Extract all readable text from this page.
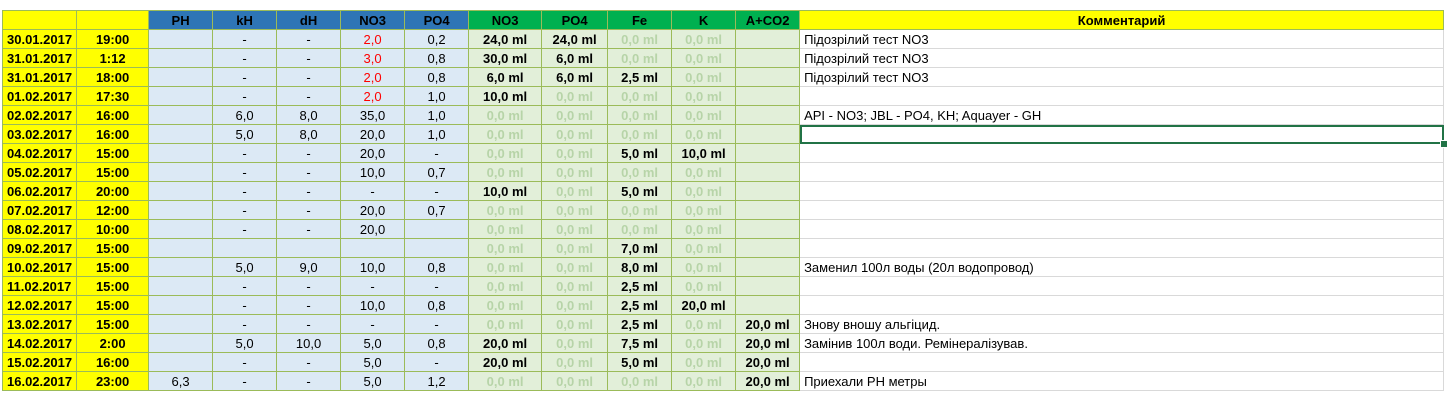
		PH	kH	dH	NO3	PO4	NO3	PO4	Fe	K	A+CO2	Комментарий
30.01.2017	19:00		-	-	2,0	0,2	24,0 ml	24,0 ml	0,0 ml	0,0 ml		Підозрілий тест NO3
31.01.2017	1:12		-	-	3,0	0,8	30,0 ml	6,0 ml	0,0 ml	0,0 ml		Підозрілий тест NO3
31.01.2017	18:00		-	-	2,0	0,8	6,0 ml	6,0 ml	2,5 ml	0,0 ml		Підозрілий тест NO3
01.02.2017	17:30		-	-	2,0	1,0	10,0 ml	0,0 ml	0,0 ml	0,0 ml		
02.02.2017	16:00		6,0	8,0	35,0	1,0	0,0 ml	0,0 ml	0,0 ml	0,0 ml		API - NO3; JBL - PO4, KH; Aquayer - GH
03.02.2017	16:00		5,0	8,0	20,0	1,0	0,0 ml	0,0 ml	0,0 ml	0,0 ml		
04.02.2017	15:00		-	-	20,0	-	0,0 ml	0,0 ml	5,0 ml	10,0 ml		
05.02.2017	15:00		-	-	10,0	0,7	0,0 ml	0,0 ml	0,0 ml	0,0 ml		
06.02.2017	20:00		-	-	-	-	10,0 ml	0,0 ml	5,0 ml	0,0 ml		
07.02.2017	12:00		-	-	20,0	0,7	0,0 ml	0,0 ml	0,0 ml	0,0 ml		
08.02.2017	10:00		-	-	20,0		0,0 ml	0,0 ml	0,0 ml	0,0 ml		
09.02.2017	15:00						0,0 ml	0,0 ml	7,0 ml	0,0 ml		
10.02.2017	15:00		5,0	9,0	10,0	0,8	0,0 ml	0,0 ml	8,0 ml	0,0 ml		Заменил 100л воды (20л водопровод)
11.02.2017	15:00		-	-	-	-	0,0 ml	0,0 ml	2,5 ml	0,0 ml		
12.02.2017	15:00		-	-	10,0	0,8	0,0 ml	0,0 ml	2,5 ml	20,0 ml		
13.02.2017	15:00		-	-	-	-	0,0 ml	0,0 ml	2,5 ml	0,0 ml	20,0 ml	Знову вношу альгіцид.
14.02.2017	2:00		5,0	10,0	5,0	0,8	20,0 ml	0,0 ml	7,5 ml	0,0 ml	20,0 ml	Замінив 100л води. Ремінералізував.
15.02.2017	16:00		-	-	5,0	-	20,0 ml	0,0 ml	5,0 ml	0,0 ml	20,0 ml	
16.02.2017	23:00	6,3	-	-	5,0	1,2	0,0 ml	0,0 ml	0,0 ml	0,0 ml	20,0 ml	Приехали PH метры
